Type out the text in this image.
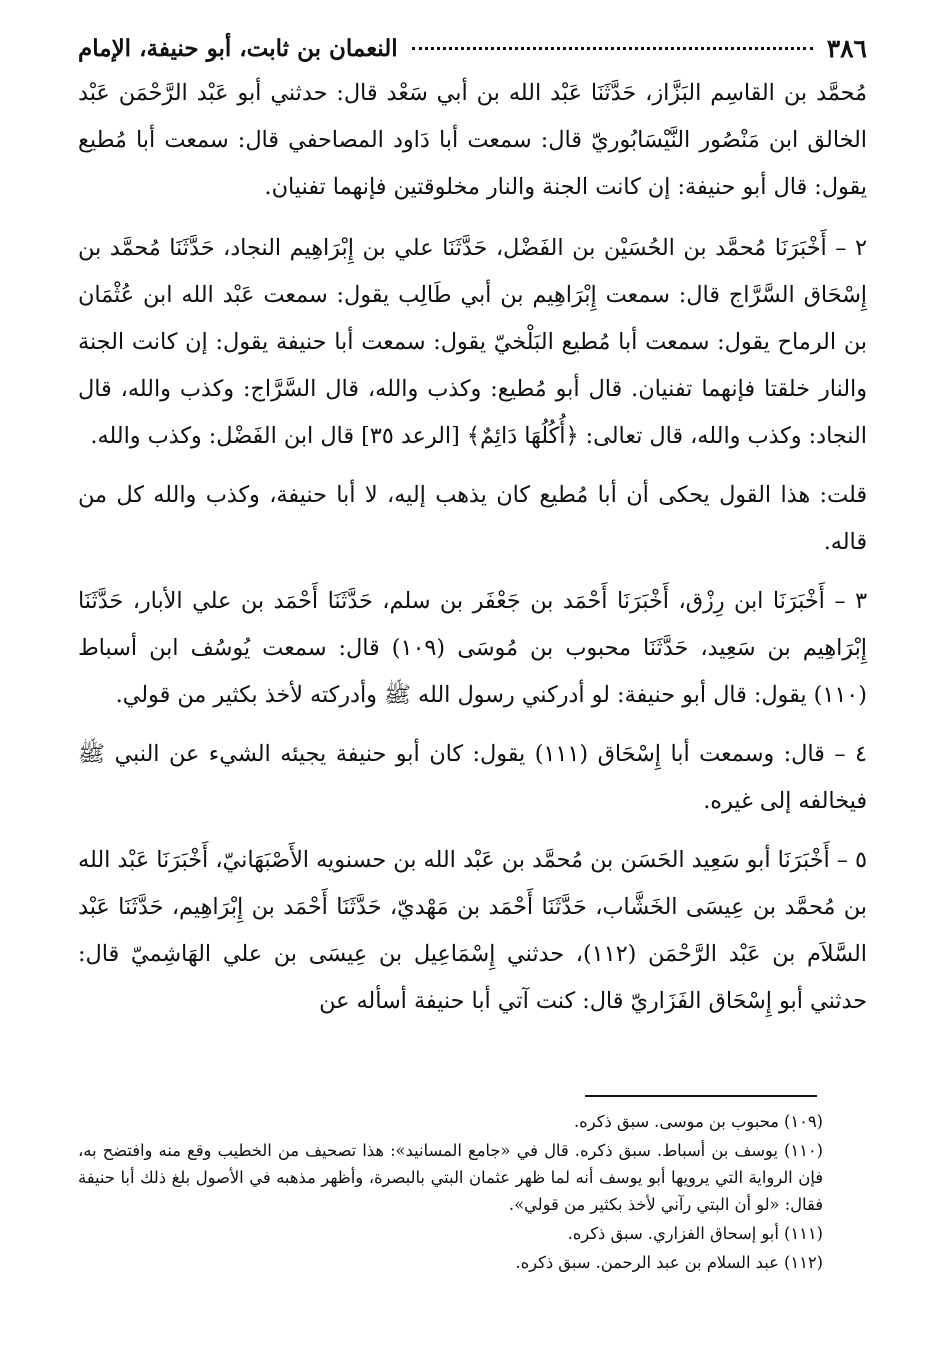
٣٨٦
النعمان بن ثابت، أبو حنيفة، الإمام

مُحمَّد بن القاسِم البَزَّاز، حَدَّثَنَا عَبْد الله بن أبي سَعْد قال: حدثني أبو عَبْد الرَّحْمَن عَبْد الخالق ابن مَنْصُور النَّيْسَابُوريّ قال: سمعت أبا دَاود المصاحفي قال: سمعت أبا مُطيع يقول: قال أبو حنيفة: إن كانت الجنة والنار مخلوقتين فإنهما تفنيان.

٢ – أَخْبَرَنَا مُحمَّد بن الحُسَيْن بن الفَضْل، حَدَّثَنَا علي بن إِبْرَاهِيم النجاد، حَدَّثَنَا مُحمَّد بن إِسْحَاق السَّرَّاج قال: سمعت إِبْرَاهِيم بن أبي طَالِب يقول: سمعت عَبْد الله ابن عُثْمَان بن الرماح يقول: سمعت أبا مُطيع البَلْخيّ يقول: سمعت أبا حنيفة يقول: إن كانت الجنة والنار خلقتا فإنهما تفنيان. قال أبو مُطيع: وكذب والله، قال السَّرَّاج: وكذب والله، قال النجاد: وكذب والله، قال تعالى: ﴿أُكُلُهَا دَائِمٌ﴾ [الرعد ٣٥] قال ابن الفَضْل: وكذب والله.

قلت: هذا القول يحكى أن أبا مُطيع كان يذهب إليه، لا أبا حنيفة، وكذب والله كل من قاله.

٣ – أَخْبَرَنَا ابن رِزْق، أَخْبَرَنَا أَحْمَد بن جَعْفَر بن سلم، حَدَّثَنَا أَحْمَد بن علي الأبار، حَدَّثَنَا إِبْرَاهِيم بن سَعِيد، حَدَّثَنَا محبوب بن مُوسَى (١٠٩) قال: سمعت يُوسُف ابن أسباط (١١٠) يقول: قال أبو حنيفة: لو أدركني رسول الله ﷺ وأدركته لأخذ بكثير من قولي.

٤ – قال: وسمعت أبا إِسْحَاق (١١١) يقول: كان أبو حنيفة يجيئه الشيء عن النبي ﷺ فيخالفه إلى غيره.

٥ – أَخْبَرَنَا أبو سَعِيد الحَسَن بن مُحمَّد بن عَبْد الله بن حسنويه الأَصْبَهَانيّ، أَخْبَرَنَا عَبْد الله بن مُحمَّد بن عِيسَى الخَشَّاب، حَدَّثَنَا أَحْمَد بن مَهْديّ، حَدَّثَنَا أَحْمَد بن إِبْرَاهِيم، حَدَّثَنَا عَبْد السَّلاَم بن عَبْد الرَّحْمَن (١١٢)، حدثني إِسْمَاعِيل بن عِيسَى بن علي الهَاشِميّ قال: حدثني أبو إِسْحَاق الفَزَاريّ قال: كنت آتي أبا حنيفة أسأله عن

(١٠٩) محبوب بن موسى. سبق ذكره.

(١١٠) يوسف بن أسباط. سبق ذكره. قال في «جامع المسانيد»: هذا تصحيف من الخطيب وقع منه وافتضح به، فإن الرواية التي يرويها أبو يوسف أنه لما ظهر عثمان البتي بالبصرة، وأظهر مذهبه في الأصول بلغ ذلك أبا حنيفة فقال: «لو أن البتي رآني لأخذ بكثير من قولي».

(١١١) أبو إسحاق الفزاري. سبق ذكره.

(١١٢) عبد السلام بن عبد الرحمن. سبق ذكره.
